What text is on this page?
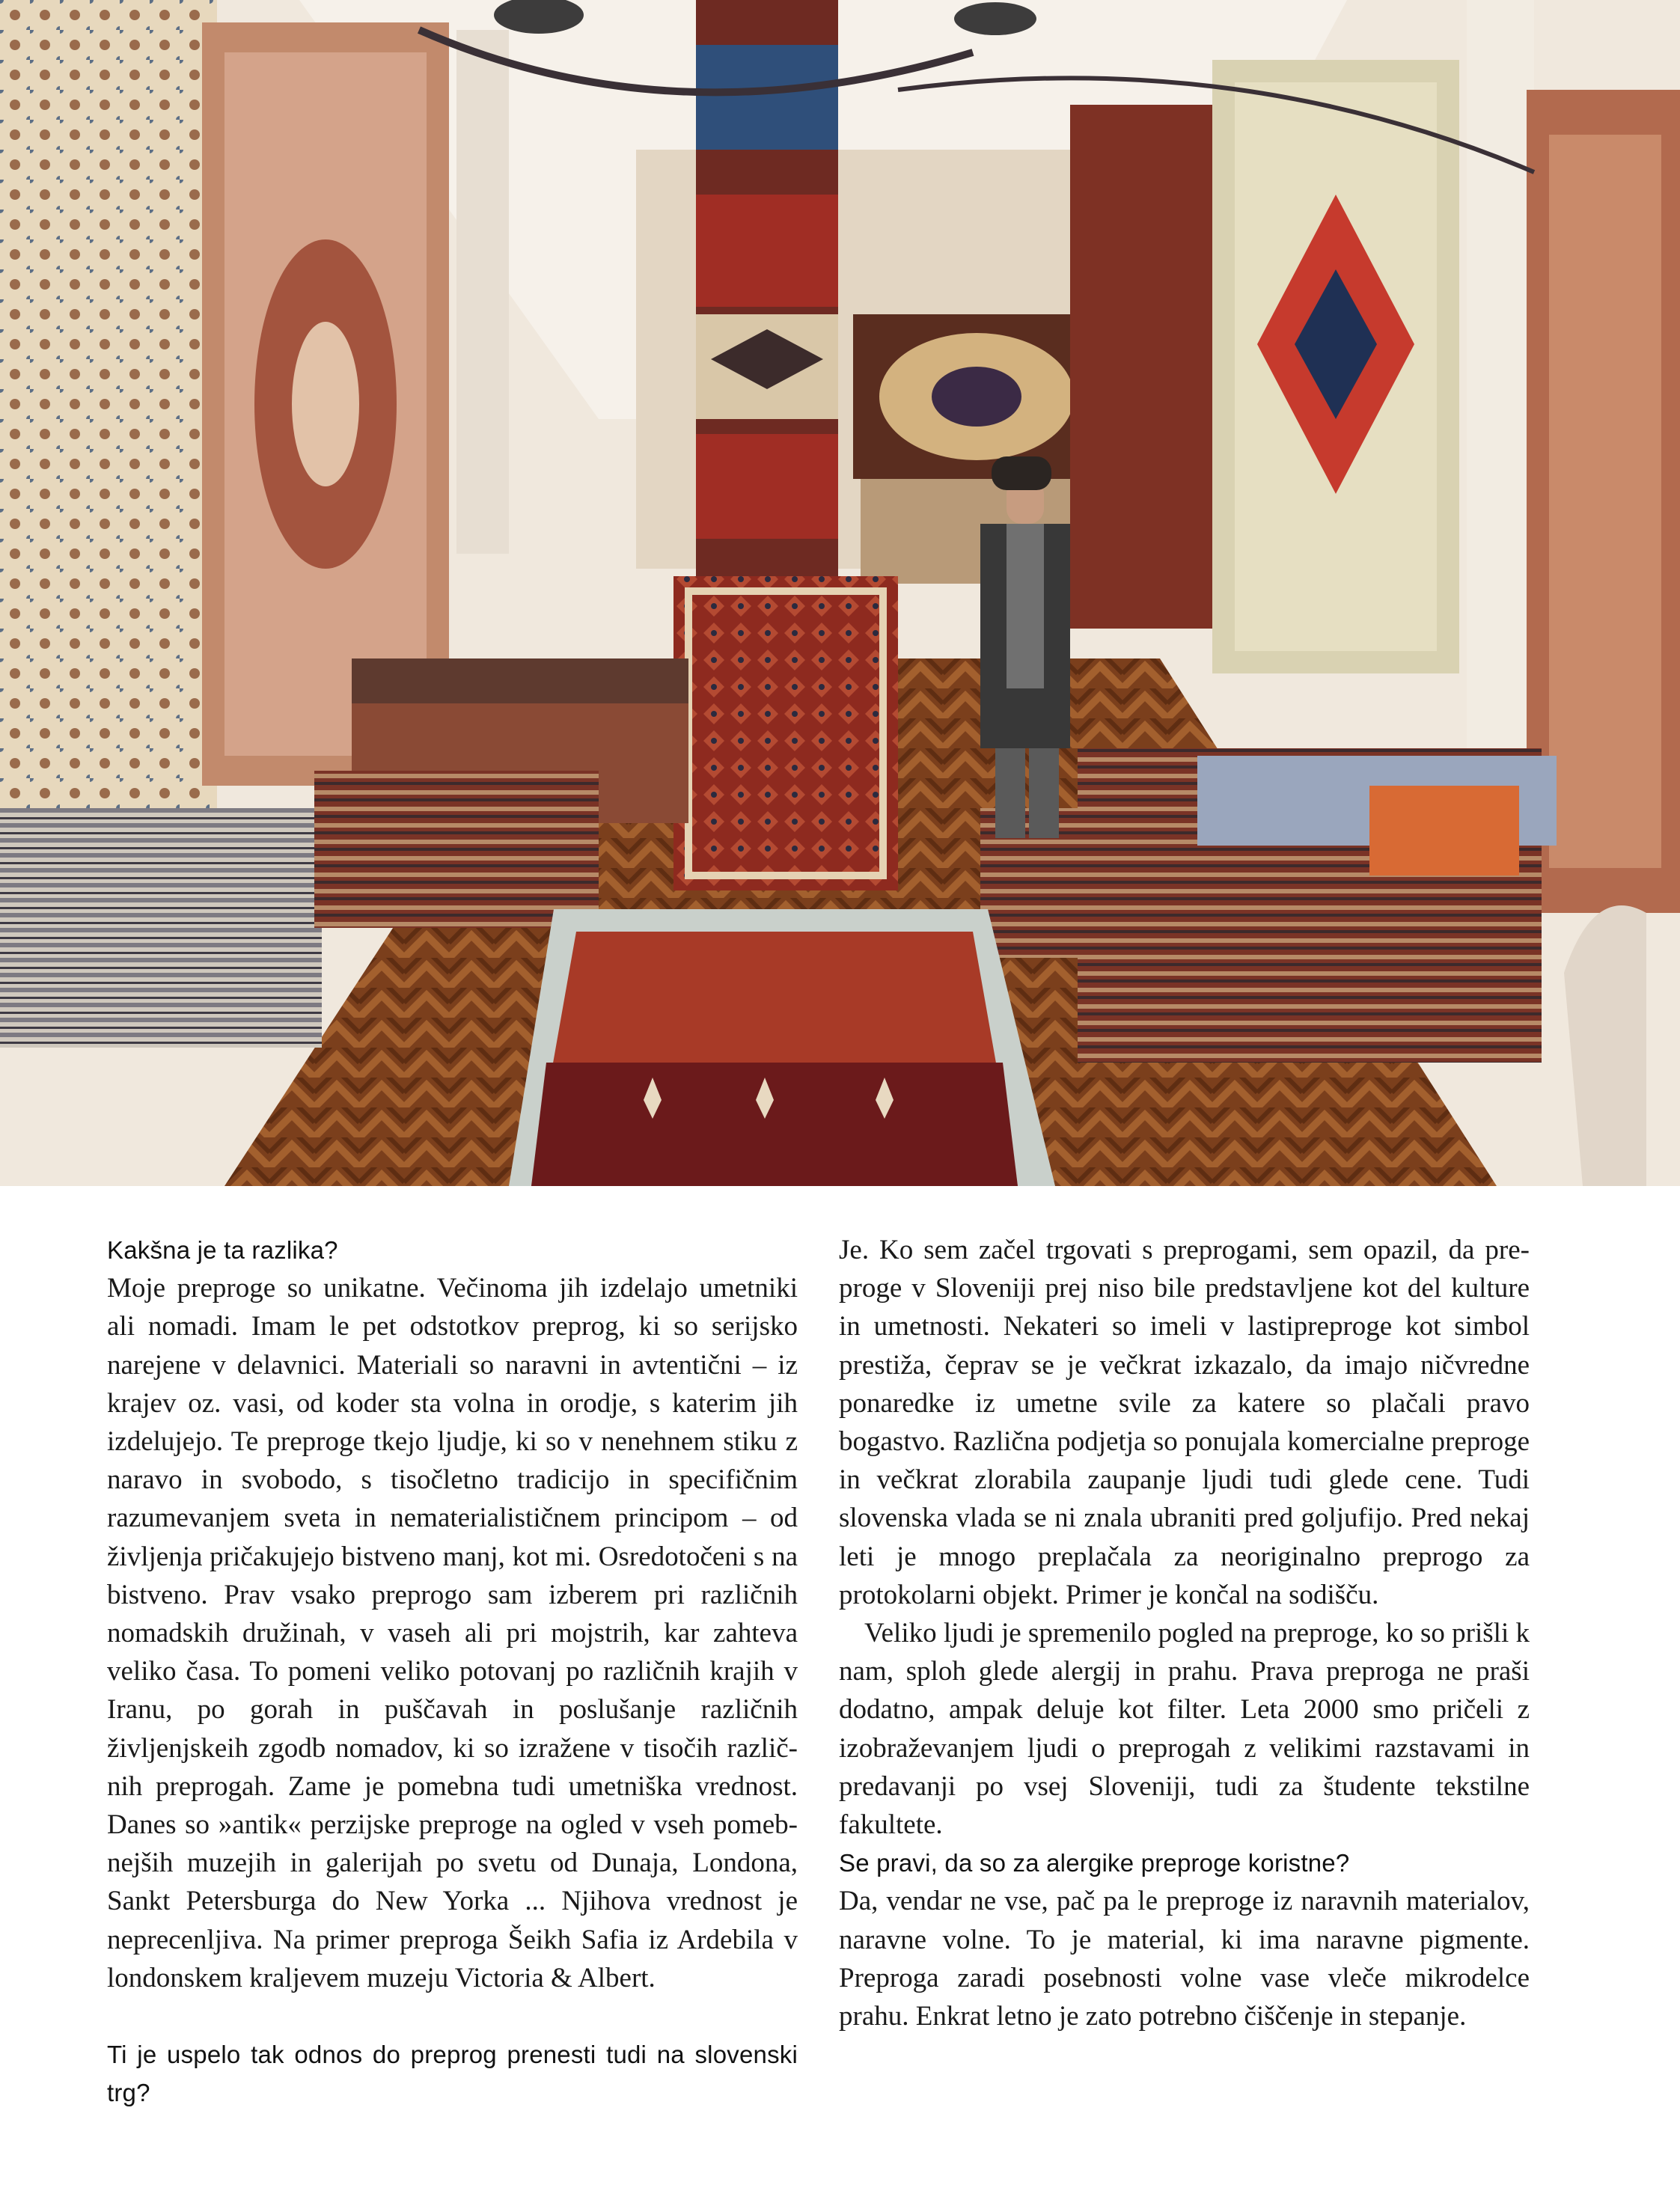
Kakšna je ta razlika?

Moje preproge so unikatne. Večinoma jih izdelajo umetniki ali nomadi. Imam le pet odstotkov preprog, ki so serijsko narejene v delavnici. Materiali so naravni in avtentični – iz krajev oz. vasi, od koder sta volna in orodje, s katerim jih izdelujejo. Te preproge tkejo ljudje, ki so v nenehnem stiku z naravo in svobodo, s tisočletno tradicijo in specifičnim razumevanjem sveta in nematerialističnem principom – od življenja pričakujejo bistveno manj, kot mi. Osredotočeni s na bistveno. Prav vsako preprogo sam izberem pri različnih nomadskih družinah, v vaseh ali pri mojstrih, kar zahteva veliko časa. To pomeni veliko potovanj po različnih krajih v Iranu, po gorah in puščavah in poslušanje različnih življenjskeih zgodb nomadov, ki so izražene v tisočih različnih preprogah. Zame je pomebna tudi umetniška vrednost. Danes so »antik« perzijske preproge na ogled v vseh pomebnejših muzejih in galerijah po svetu od Dunaja, Londona, Sankt Petersburga do New Yorka ... Njihova vrednost je neprecenljiva. Na primer preproga Šeikh Safia iz Ardebila v londonskem kraljevem muzeju Victoria & Albert.

Ti je uspelo tak odnos do preprog prenesti tudi na slovenski trg?

Je. Ko sem začel trgovati s preprogami, sem opazil, da preproge v Sloveniji prej niso bile predstavljene kot del kulture in umetnosti. Nekateri so imeli v lastipreproge kot simbol prestiža, čeprav se je večkrat izkazalo, da imajo ničvredne ponaredke iz umetne svile za katere so plačali pravo bogastvo. Različna podjetja so ponujala komercialne preproge in večkrat zlorabila zaupanje ljudi tudi glede cene. Tudi slovenska vlada se ni znala ubraniti pred goljufijo. Pred nekaj leti je mnogo preplačala za neoriginalno preprogo za protokolarni objekt. Primer je končal na sodišču.

Veliko ljudi je spremenilo pogled na preproge, ko so prišli k nam, sploh glede alergij in prahu. Prava preproga ne praši dodatno, ampak deluje kot filter. Leta 2000 smo pričeli z izobraževanjem ljudi o preprogah z velikimi razstavami in predavanji po vsej Sloveniji, tudi za študente tekstilne fakultete.

Se pravi, da so za alergike preproge koristne?

Da, vendar ne vse, pač pa le preproge iz naravnih materialov, naravne volne. To je material, ki ima naravne pigmente. Preproga zaradi posebnosti volne vase vleče mikrodelce prahu. Enkrat letno je zato potrebno čiščenje in stepanje.
